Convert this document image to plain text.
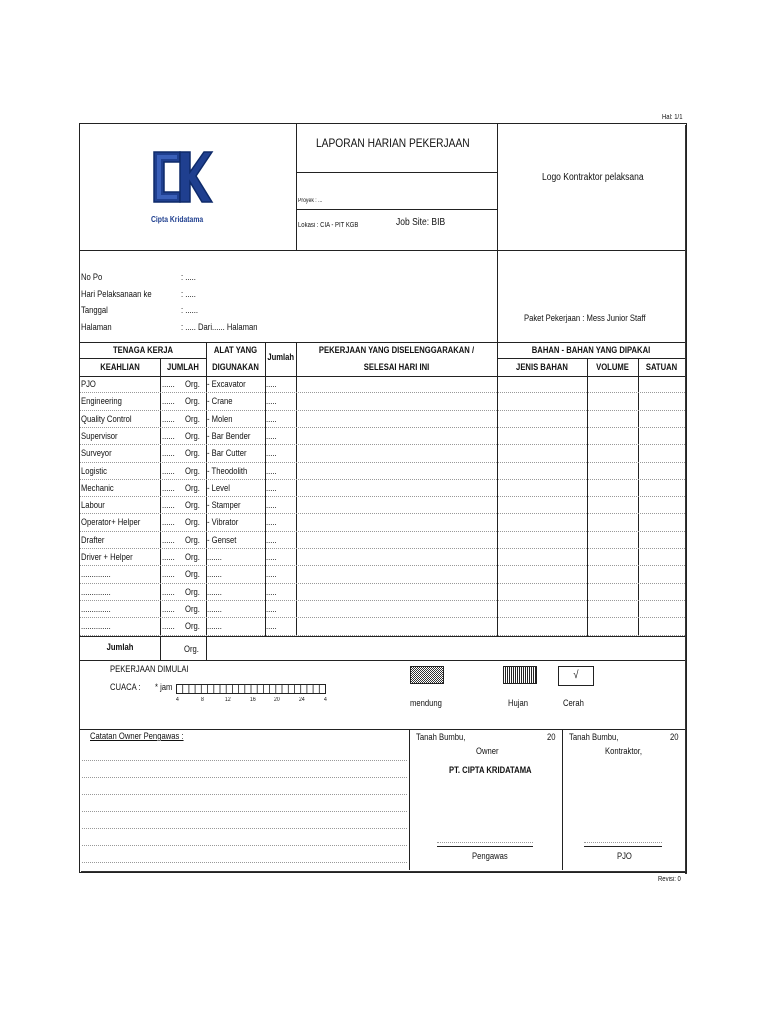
Hal: 1/1
Revisi: 0
Cipta Kridatama
LAPORAN HARIAN PEKERJAAN
Proyek : ...
Lokasi : CIA - PIT KGB	Job Site: BIB
Logo Kontraktor pelaksana
No Po	: .....
Hari Pelaksanaan ke	: .....
Tanggal	: ......
Halaman	: ..... Dari...... Halaman
Paket Pekerjaan : Mess Junior Staff
TENAGA KERJA
KEAHLIAN	JUMLAH
ALAT YANG
DIGUNAKAN
Jumlah
PEKERJAAN YANG DISELENGGARAKAN /
SELESAI HARI INI
BAHAN - BAHAN YANG DIPAKAI
JENIS BAHAN	VOLUME	SATUAN
PJO	...... Org. - Excavator .....
Engineering	...... Org. - Crane	.....
Quality Control	...... Org. - Molen	.....
Supervisor	...... Org. - Bar Bender .....
Surveyor	...... Org. - Bar Cutter .....
Logistic	...... Org. - Theodolith .....
Mechanic	...... Org. - Level	.....
Labour	...... Org. - Stamper	.....
Operator+ Helper ...... Org. - Vibrator	.....
Drafter	...... Org. - Genset	.....
Driver + Helper	...... Org. .......	.....
..............	...... Org. .......	.....
..............	...... Org. .......	.....
..............	...... Org. .......	.....
..............	...... Org. .......	.....
Jumlah	Org.
PEKERJAAN DIMULAI
CUACA : * jam
4	8	12	16	20	24	4
√
mendung	Hujan	Cerah
Catatan Owner Pengawas :	Tanah Bumbu,	20
Owner
PT. CIPTA KRIDATAMA
Pengawas
Tanah Bumbu,	20
Kontraktor,
PJO
